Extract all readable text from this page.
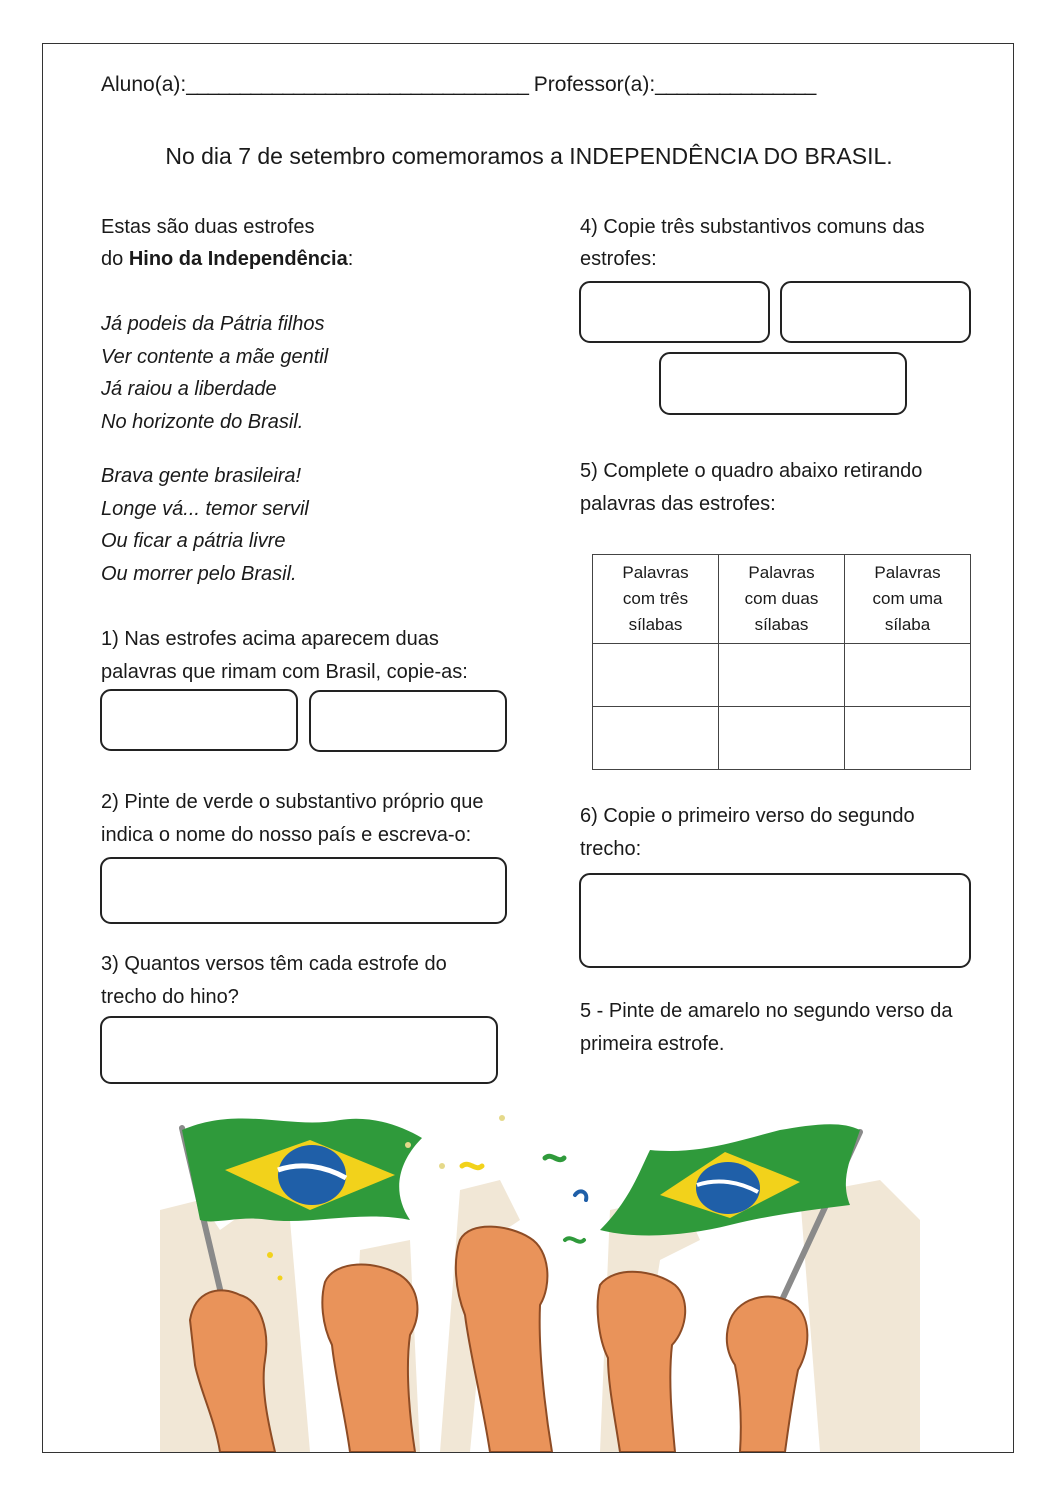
Aluno(a):________________________________ Professor(a):_______________
No dia 7 de setembro comemoramos a INDEPENDÊNCIA DO BRASIL.
Estas são duas estrofes
do Hino da Independência:
Já podeis da Pátria filhos
Ver contente a mãe gentil
Já raiou a liberdade
No horizonte do Brasil.
Brava gente brasileira!
Longe vá... temor servil
Ou ficar a pátria livre
Ou morrer pelo Brasil.
1) Nas estrofes acima aparecem duas
palavras que rimam com Brasil, copie-as:
2) Pinte de verde o substantivo próprio que
indica o nome do nosso país e escreva-o:
3) Quantos versos têm cada estrofe do
trecho do hino?
4) Copie três substantivos comuns das
estrofes:
5) Complete o quadro abaixo retirando
palavras das estrofes:
Palavras
com três
sílabas	Palavras
com duas
sílabas	Palavras
com uma
sílaba

6) Copie o primeiro verso do segundo
trecho:
5 - Pinte de amarelo no segundo verso da
primeira estrofe.
